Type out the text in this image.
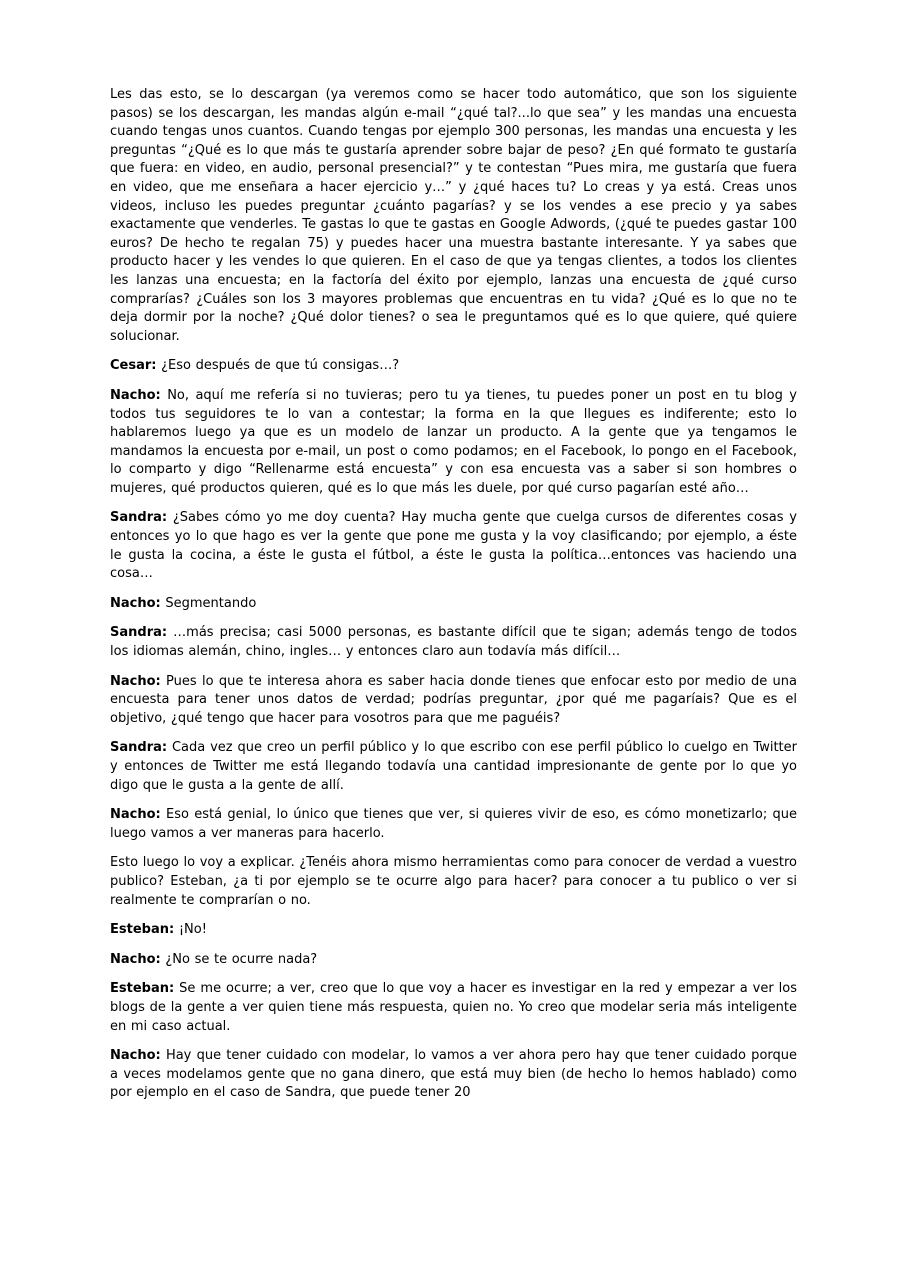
Les das esto, se lo descargan (ya veremos como se hacer todo automático, que son los siguiente pasos) se los descargan, les mandas algún e-mail “¿qué tal?...lo que sea” y les mandas una encuesta cuando tengas unos cuantos. Cuando tengas por ejemplo 300 personas, les mandas una encuesta y les preguntas “¿Qué es lo que más te gustaría aprender sobre bajar de peso? ¿En qué formato te gustaría que fuera: en video, en audio, personal presencial?” y te contestan “Pues mira, me gustaría que fuera en video, que me enseñara a hacer ejercicio y…” y ¿qué haces tu? Lo creas y ya está. Creas unos videos, incluso les puedes preguntar ¿cuánto pagarías? y se los vendes a ese precio y ya sabes exactamente que venderles. Te gastas lo que te gastas en Google Adwords, (¿qué te puedes gastar 100 euros? De hecho te regalan 75) y puedes hacer una muestra bastante interesante. Y ya sabes que producto hacer y les vendes lo que quieren. En el caso de que ya tengas clientes, a todos los clientes les lanzas una encuesta; en la factoría del éxito por ejemplo, lanzas una encuesta de ¿qué curso comprarías? ¿Cuáles son los 3 mayores problemas que encuentras en tu vida? ¿Qué es lo que no te deja dormir por la noche? ¿Qué dolor tienes? o sea le preguntamos qué es lo que quiere, qué quiere solucionar.

Cesar: ¿Eso después de que tú consigas…?

Nacho: No, aquí me refería si no tuvieras; pero tu ya tienes, tu puedes poner un post en tu blog y todos tus seguidores te lo van a contestar; la forma en la que llegues es indiferente; esto lo hablaremos luego ya que es un modelo de lanzar un producto. A la gente que ya tengamos le mandamos la encuesta por e-mail, un post o como podamos; en el Facebook, lo pongo en el Facebook, lo comparto y digo “Rellenarme está encuesta” y con esa encuesta vas a saber si son hombres o mujeres, qué productos quieren, qué es lo que más les duele, por qué curso pagarían esté año…

Sandra: ¿Sabes cómo yo me doy cuenta? Hay mucha gente que cuelga cursos de diferentes cosas y entonces yo lo que hago es ver la gente que pone me gusta y la voy clasificando; por ejemplo, a éste le gusta la cocina, a éste le gusta el fútbol, a éste le gusta la política…entonces vas haciendo una cosa…

Nacho: Segmentando

Sandra: …más precisa; casi 5000 personas, es bastante difícil que te sigan; además tengo de todos los idiomas alemán, chino, ingles… y entonces claro aun todavía más difícil…

Nacho: Pues lo que te interesa ahora es saber hacia donde tienes que enfocar esto por medio de una encuesta para tener unos datos de verdad; podrías preguntar, ¿por qué me pagaríais? Que es el objetivo, ¿qué tengo que hacer para vosotros para que me paguéis?

Sandra: Cada vez que creo un perfil público y lo que escribo con ese perfil público lo cuelgo en Twitter y entonces de Twitter me está llegando todavía una cantidad impresionante de gente por lo que yo digo que le gusta a la gente de allí.

Nacho: Eso está genial, lo único que tienes que ver, si quieres vivir de eso, es cómo monetizarlo; que luego vamos a ver maneras para hacerlo.

Esto luego lo voy a explicar. ¿Tenéis ahora mismo herramientas como para conocer de verdad a vuestro publico? Esteban, ¿a ti por ejemplo se te ocurre algo para hacer? para conocer a tu publico o ver si realmente te comprarían o no.

Esteban: ¡No!

Nacho: ¿No se te ocurre nada?

Esteban: Se me ocurre; a ver, creo que lo que voy a hacer es investigar en la red y empezar a ver los blogs de la gente a ver quien tiene más respuesta, quien no. Yo creo que modelar seria más inteligente en mi caso actual.

Nacho: Hay que tener cuidado con modelar, lo vamos a ver ahora pero hay que tener cuidado porque a veces modelamos gente que no gana dinero, que está muy bien (de hecho lo hemos hablado) como por ejemplo en el caso de Sandra, que puede tener 20
